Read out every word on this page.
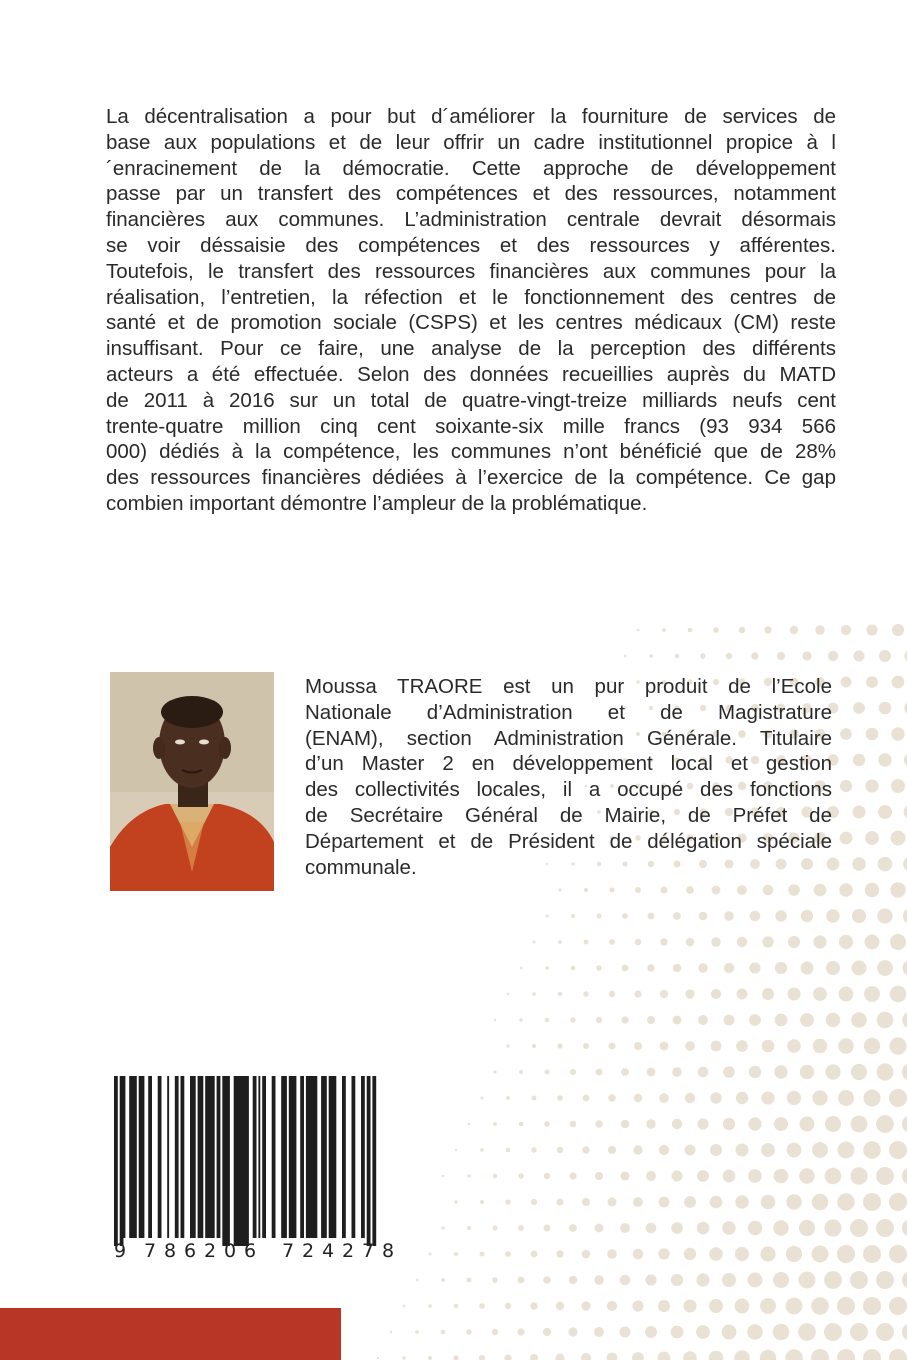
La décentralisation a pour but d´améliorer la fourniture de services de
base aux populations et de leur offrir un cadre institutionnel propice à l
´enracinement de la démocratie. Cette approche de développement
passe par un transfert des compétences et des ressources, notamment
financières aux communes. L’administration centrale devrait désormais
se voir déssaisie des compétences et des ressources y afférentes.
Toutefois, le transfert des ressources financières aux communes pour la
réalisation, l’entretien, la réfection et le fonctionnement des centres de
santé et de promotion sociale (CSPS) et les centres médicaux (CM) reste
insuffisant. Pour ce faire, une analyse de la perception des différents
acteurs a été effectuée. Selon des données recueillies auprès du MATD
de 2011 à 2016 sur un total de quatre-vingt-treize milliards neufs cent
trente-quatre million cinq cent soixante-six mille francs (93 934 566
000) dédiés à la compétence, les communes n’ont bénéficié que de 28%
des ressources financières dédiées à l’exercice de la compétence. Ce gap
combien important démontre l’ampleur de la problématique.
Moussa TRAORE est un pur produit de l’Ecole
Nationale d’Administration et de Magistrature
(ENAM), section Administration Générale. Titulaire
d’un Master 2 en développement local et gestion
des collectivités locales, il a occupé des fonctions
de Secrétaire Général de Mairie, de Préfet de
Département et de Président de délégation spéciale
communale.
9 7 8 6 2 0 6 7 2 4 2 7 8
